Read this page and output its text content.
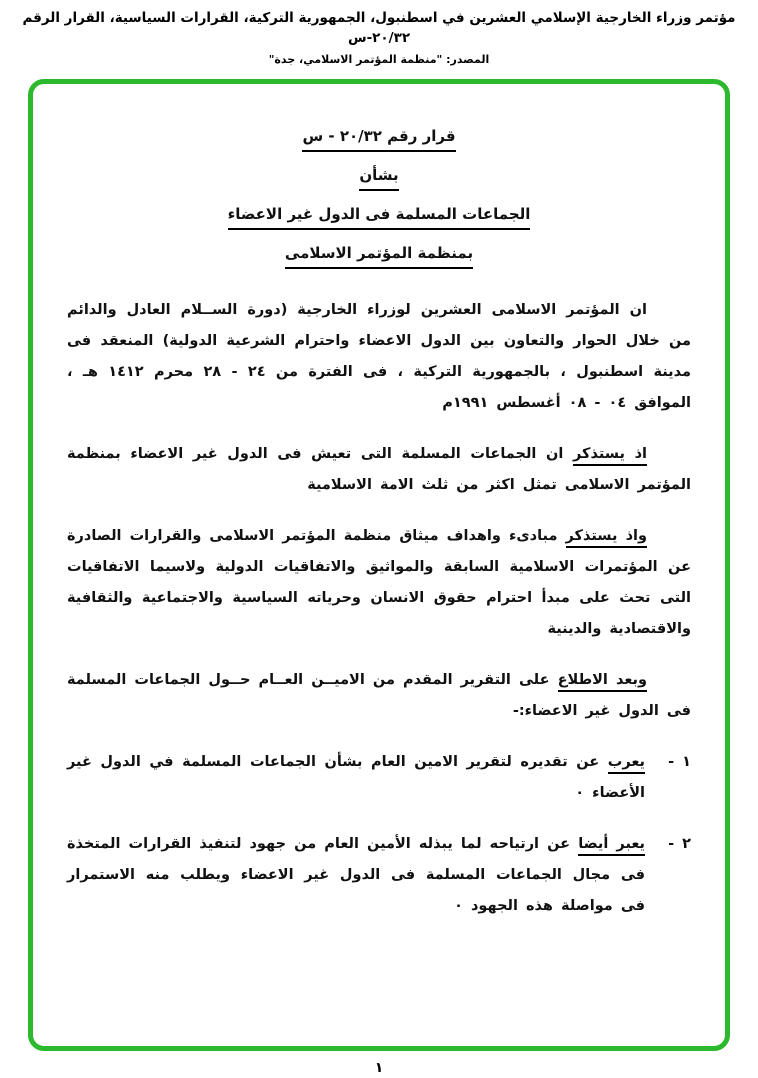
مؤتمر وزراء الخارجية الإسلامي العشرين في اسطنبول، الجمهورية التركية، القرارات السياسية، القرار الرقم ٢٠/٣٢-س
المصدر: "منظمة المؤتمر الاسلامي، جدة"
قرار رقم ٢٠/٣٢ - س
بشأن
الجماعات المسلمة فى الدول غير الاعضاء
بمنظمة المؤتمر الاسلامى
ان المؤتمر الاسلامى العشرين لوزراء الخارجية (دورة الســلام العادل والدائم من خلال الحوار والتعاون بين الدول الاعضاء واحترام الشرعية الدولية) المنعقد فى مدينة اسطنبول ، بالجمهورية التركية ، فى الفترة من ٢٤ - ٢٨ محرم ١٤١٢ هـ ، الموافق ٠٤ - ٠٨ أغسطس ١٩٩١م
اذ يستذكر ان الجماعات المسلمة التى تعيش فى الدول غير الاعضاء بمنظمة المؤتمر الاسلامى تمثل اكثر من ثلث الامة الاسلامية
واذ يستذكر مبادىء واهداف ميثاق منظمة المؤتمر الاسلامى والقرارات الصادرة عن المؤتمرات الاسلامية السابقة والمواثيق والاتفاقيات الدولية ولاسيما الاتفاقيات التى تحث على مبدأ احترام حقوق الانسان وحرياته السياسية والاجتماعية والثقافية والاقتصادية والدينية
وبعد الاطلاع على التقرير المقدم من الاميــن العــام حــول الجماعات المسلمة فى الدول غير الاعضاء:-
١ -
يعرب عن تقديره لتقرير الامين العام بشأن الجماعات المسلمة في الدول غير الأعضاء ٠
٢ -
يعبر أيضا عن ارتياحه لما يبذله الأمين العام من جهود لتنفيذ القرارات المتخذة فى مجال الجماعات المسلمة فى الدول غير الاعضاء ويطلب منه الاستمرار فى مواصلة هذه الجهود ٠
١
